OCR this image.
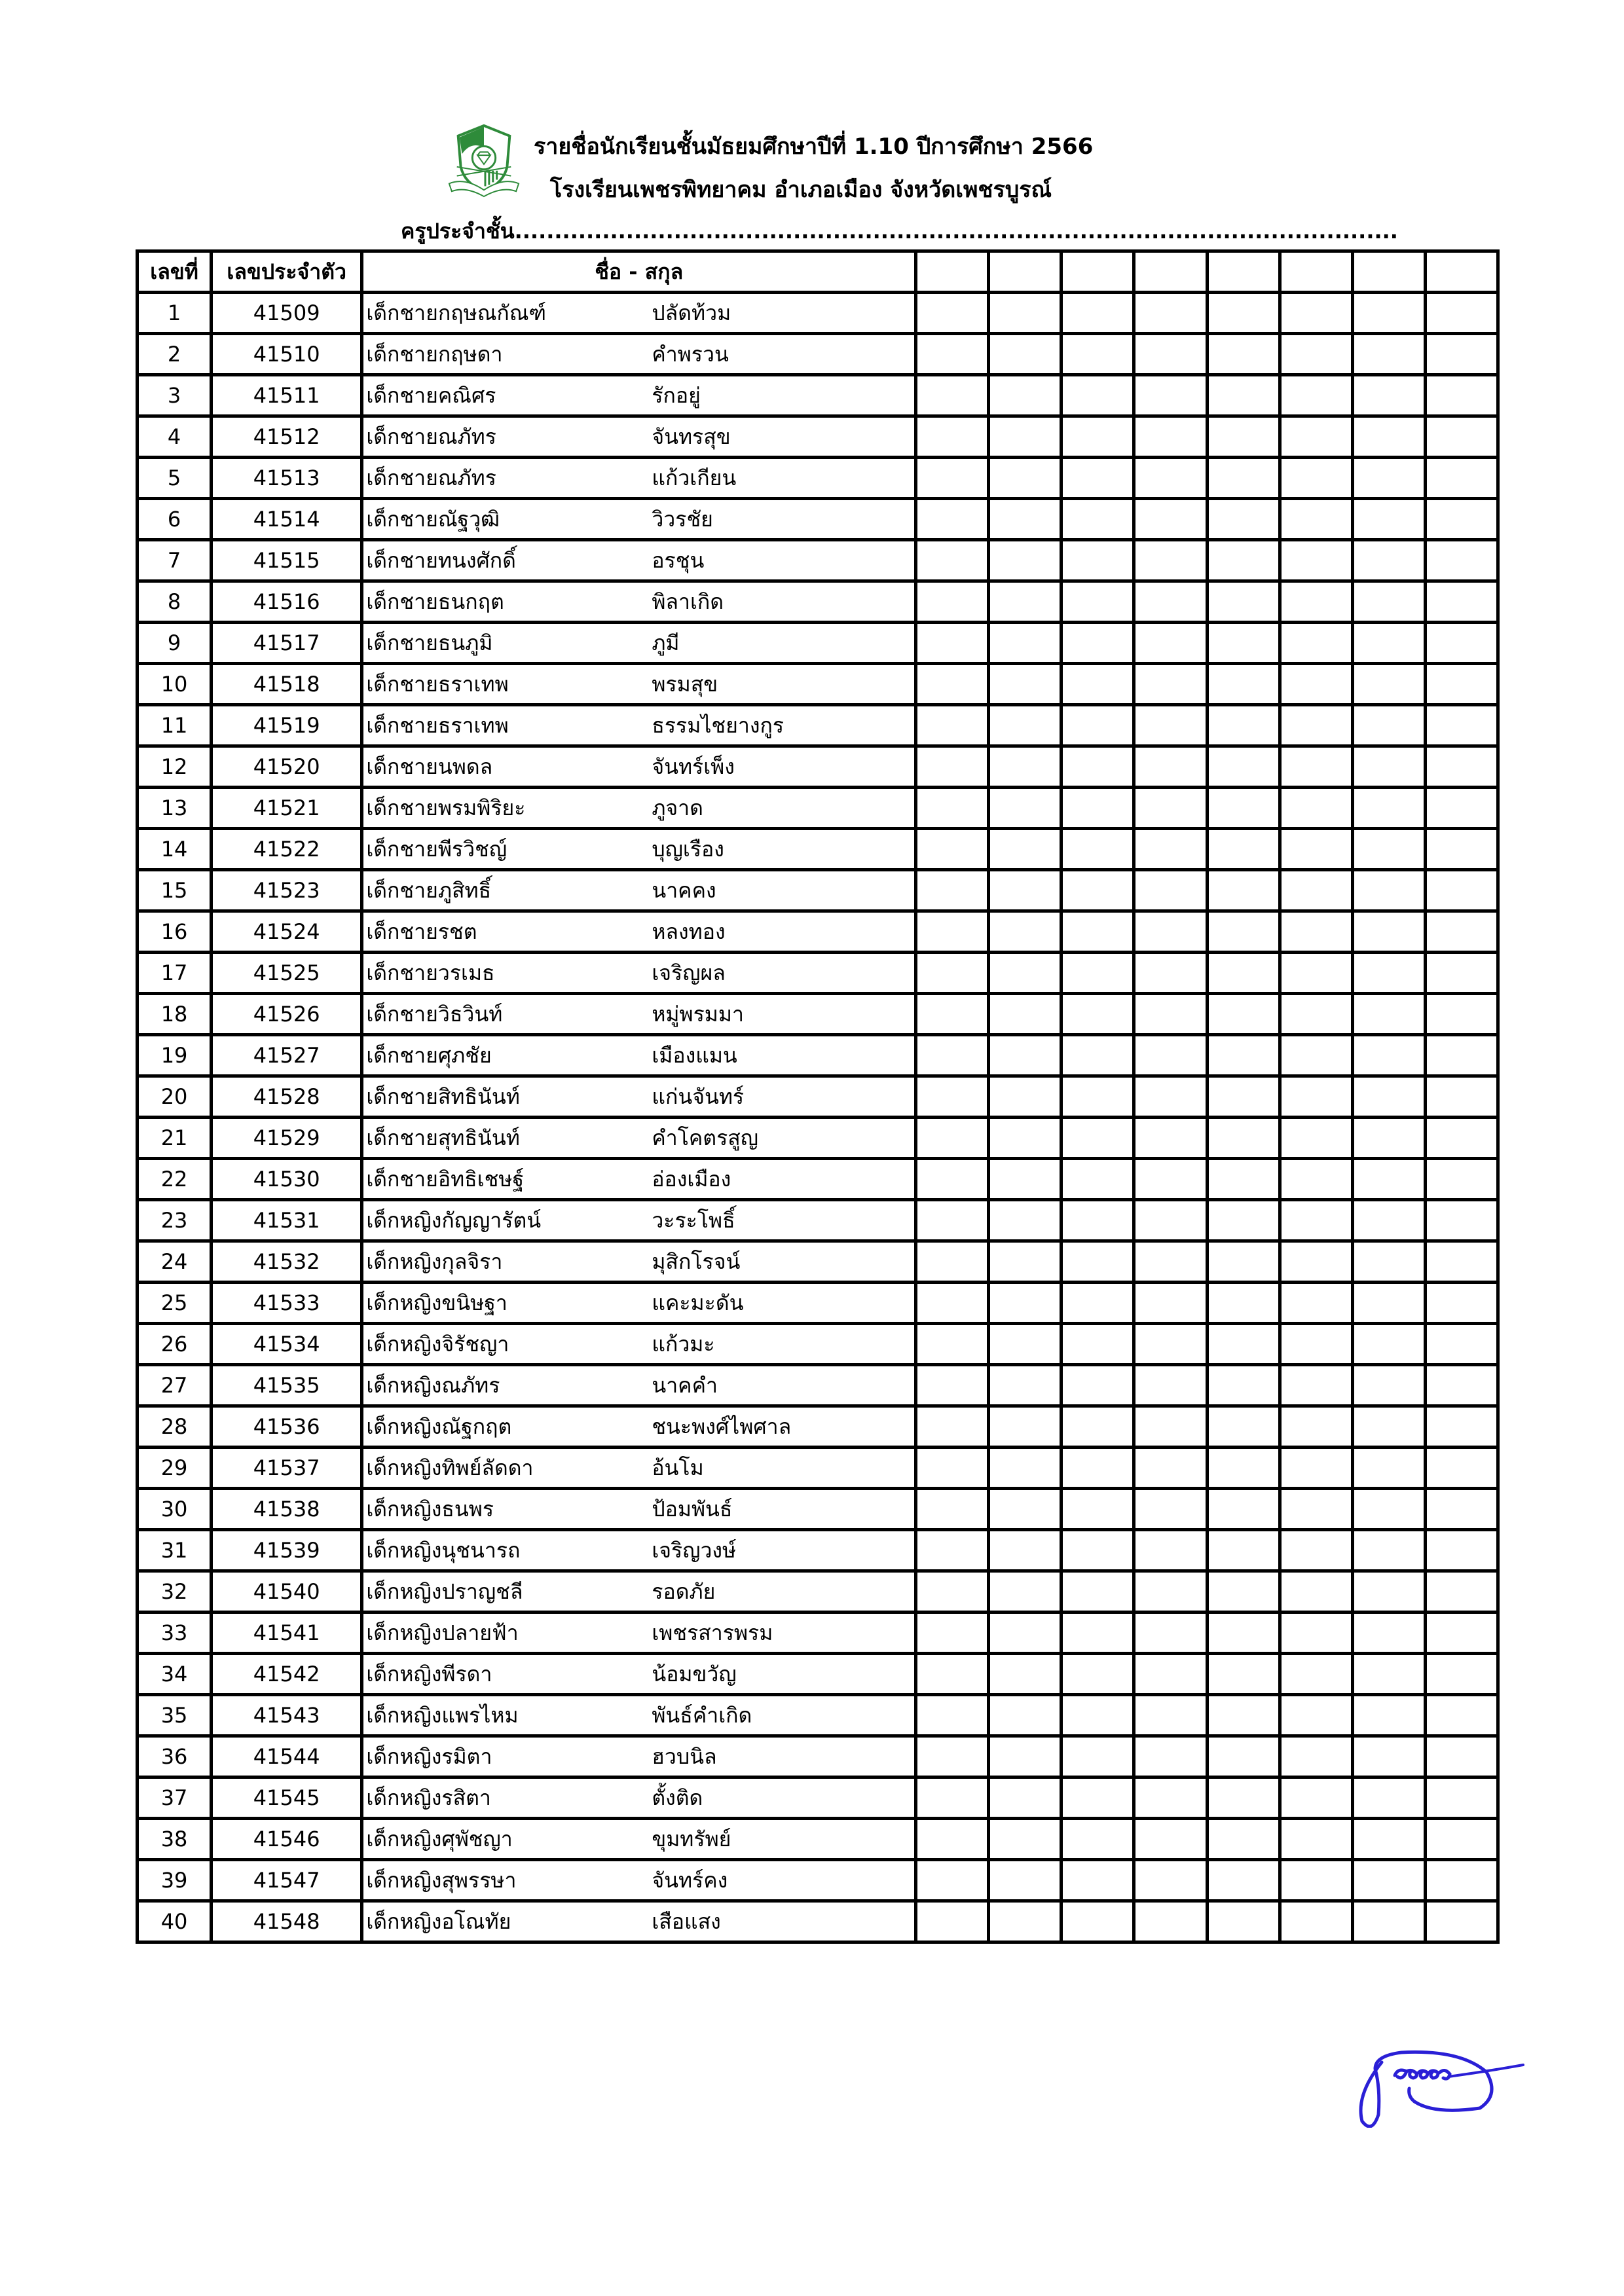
รายชื่อนักเรียนชั้นมัธยมศึกษาปีที่ 1.10 ปีการศึกษา 2566
โรงเรียนเพชรพิทยาคม อำเภอเมือง จังหวัดเพชรบูรณ์
ครูประจำชั้น...............................................................................................................
เลขที่	เลขประจำตัว	ชื่อ - สกุล								
1	41509	เด็กชายกฤษณกัณฑ์ ปลัดท้วม								

2	41510	เด็กชายกฤษดา คำพรวน								

3	41511	เด็กชายคณิศร รักอยู่								

4	41512	เด็กชายณภัทร จันทรสุข								

5	41513	เด็กชายณภัทร แก้วเกียน								

6	41514	เด็กชายณัฐวุฒิ วิวรชัย								

7	41515	เด็กชายทนงศักดิ์ อรชุน								

8	41516	เด็กชายธนกฤต พิลาเกิด								

9	41517	เด็กชายธนภูมิ ภูมี								

10	41518	เด็กชายธราเทพ พรมสุข								

11	41519	เด็กชายธราเทพ ธรรมไชยางกูร								

12	41520	เด็กชายนพดล จันทร์เพ็ง								

13	41521	เด็กชายพรมพิริยะ ภูจาด								

14	41522	เด็กชายพีรวิชญ์ บุญเรือง								

15	41523	เด็กชายภูสิทธิ์ นาคคง								

16	41524	เด็กชายรชต หลงทอง								

17	41525	เด็กชายวรเมธ เจริญผล								

18	41526	เด็กชายวิธวินท์ หมู่พรมมา								

19	41527	เด็กชายศุภชัย เมืองแมน								

20	41528	เด็กชายสิทธินันท์ แก่นจันทร์								

21	41529	เด็กชายสุทธินันท์ คำโคตรสูญ								

22	41530	เด็กชายอิทธิเชษฐ์ อ่องเมือง								

23	41531	เด็กหญิงกัญญารัตน์ วะระโพธิ์								

24	41532	เด็กหญิงกุลจิรา มุสิกโรจน์								

25	41533	เด็กหญิงขนิษฐา แคะมะดัน								

26	41534	เด็กหญิงจิรัชญา แก้วมะ								

27	41535	เด็กหญิงณภัทร นาคคำ								

28	41536	เด็กหญิงณัฐกฤต ชนะพงศ์ไพศาล								

29	41537	เด็กหญิงทิพย์ลัดดา อ้นโม								

30	41538	เด็กหญิงธนพร ป้อมพันธ์								

31	41539	เด็กหญิงนุชนารถ เจริญวงษ์								

32	41540	เด็กหญิงปราญชลี รอดภัย								

33	41541	เด็กหญิงปลายฟ้า เพชรสารพรม								

34	41542	เด็กหญิงพีรดา น้อมขวัญ								

35	41543	เด็กหญิงแพรไหม พันธ์คำเกิด								

36	41544	เด็กหญิงรมิตา ฮวบนิล								

37	41545	เด็กหญิงรสิตา ตั้งติด								

38	41546	เด็กหญิงศุพัชญา ขุมทรัพย์								

39	41547	เด็กหญิงสุพรรษา จันทร์คง								

40	41548	เด็กหญิงอโณทัย เสือแสง								
